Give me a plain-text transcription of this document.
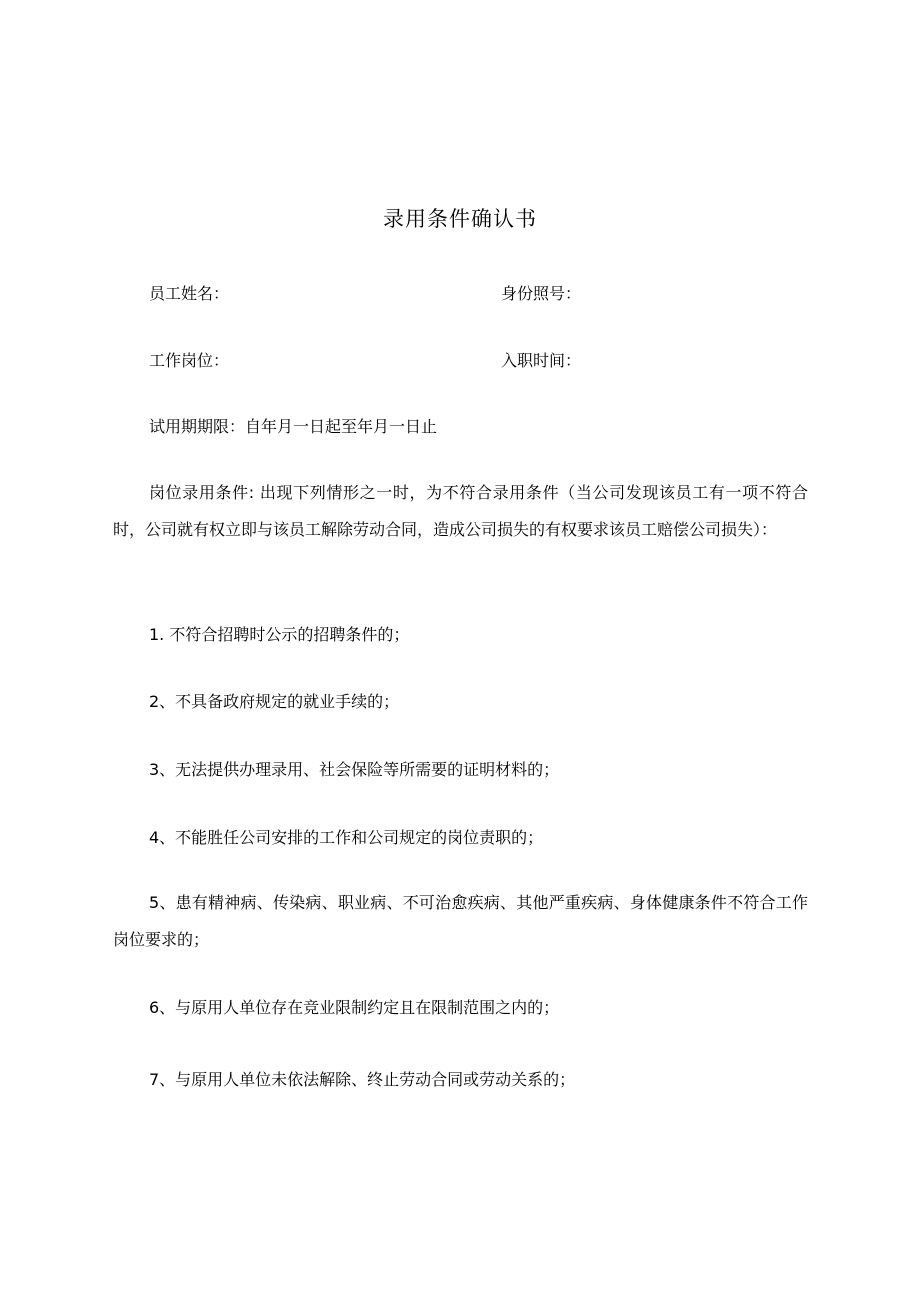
录用条件确认书
员工姓名：	身份照号：
工作岗位：	入职时间：
试用期期限：自年月一日起至年月一日止
岗位录用条件: 出现下列情形之一时，为不符合录用条件（当公司发现该员工有一项不符合时，公司就有权立即与该员工解除劳动合同，造成公司损失的有权要求该员工赔偿公司损失）：
1. 不符合招聘时公示的招聘条件的；
2、不具备政府规定的就业手续的；
3、无法提供办理录用、社会保险等所需要的证明材料的；
4、不能胜任公司安排的工作和公司规定的岗位责职的；
5、患有精神病、传染病、职业病、不可治愈疾病、其他严重疾病、身体健康条件不符合工作岗位要求的；
6、与原用人单位存在竞业限制约定且在限制范围之内的；
7、与原用人单位未依法解除、终止劳动合同或劳动关系的；
